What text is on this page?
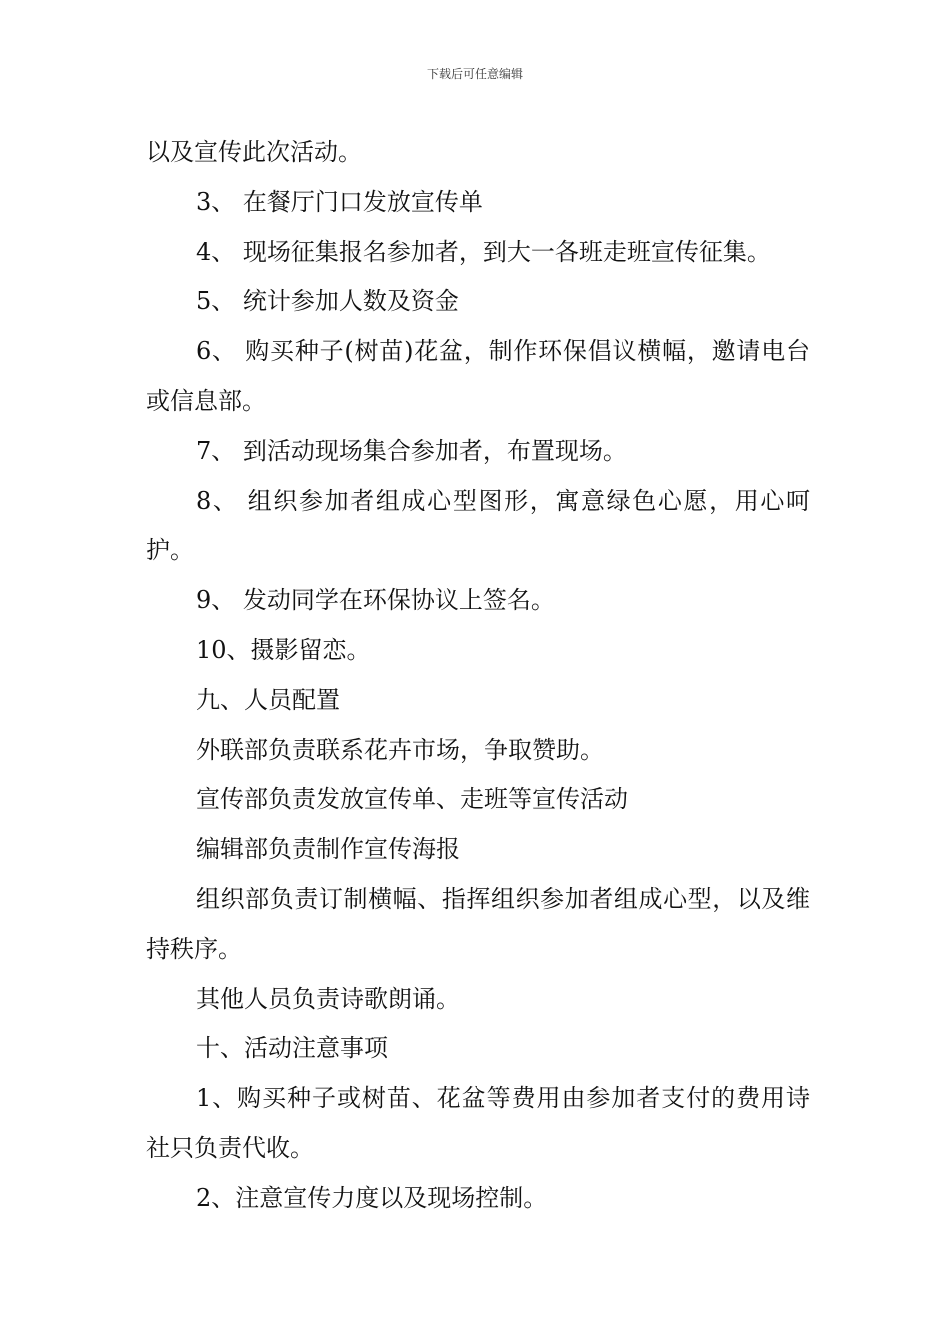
下载后可任意编辑

以及宣传此次活动。

3、 在餐厅门口发放宣传单

4、 现场征集报名参加者，到大一各班走班宣传征集。

5、 统计参加人数及资金

6、 购买种子(树苗)花盆，制作环保倡议横幅，邀请电台或信息部。

7、 到活动现场集合参加者，布置现场。

8、 组织参加者组成心型图形，寓意绿色心愿，用心呵护。

9、 发动同学在环保协议上签名。

10、摄影留恋。

九、人员配置

外联部负责联系花卉市场，争取赞助。

宣传部负责发放宣传单、走班等宣传活动

编辑部负责制作宣传海报

组织部负责订制横幅、指挥组织参加者组成心型，以及维持秩序。

其他人员负责诗歌朗诵。

十、活动注意事项

1、购买种子或树苗、花盆等费用由参加者支付的费用诗社只负责代收。

2、注意宣传力度以及现场控制。
